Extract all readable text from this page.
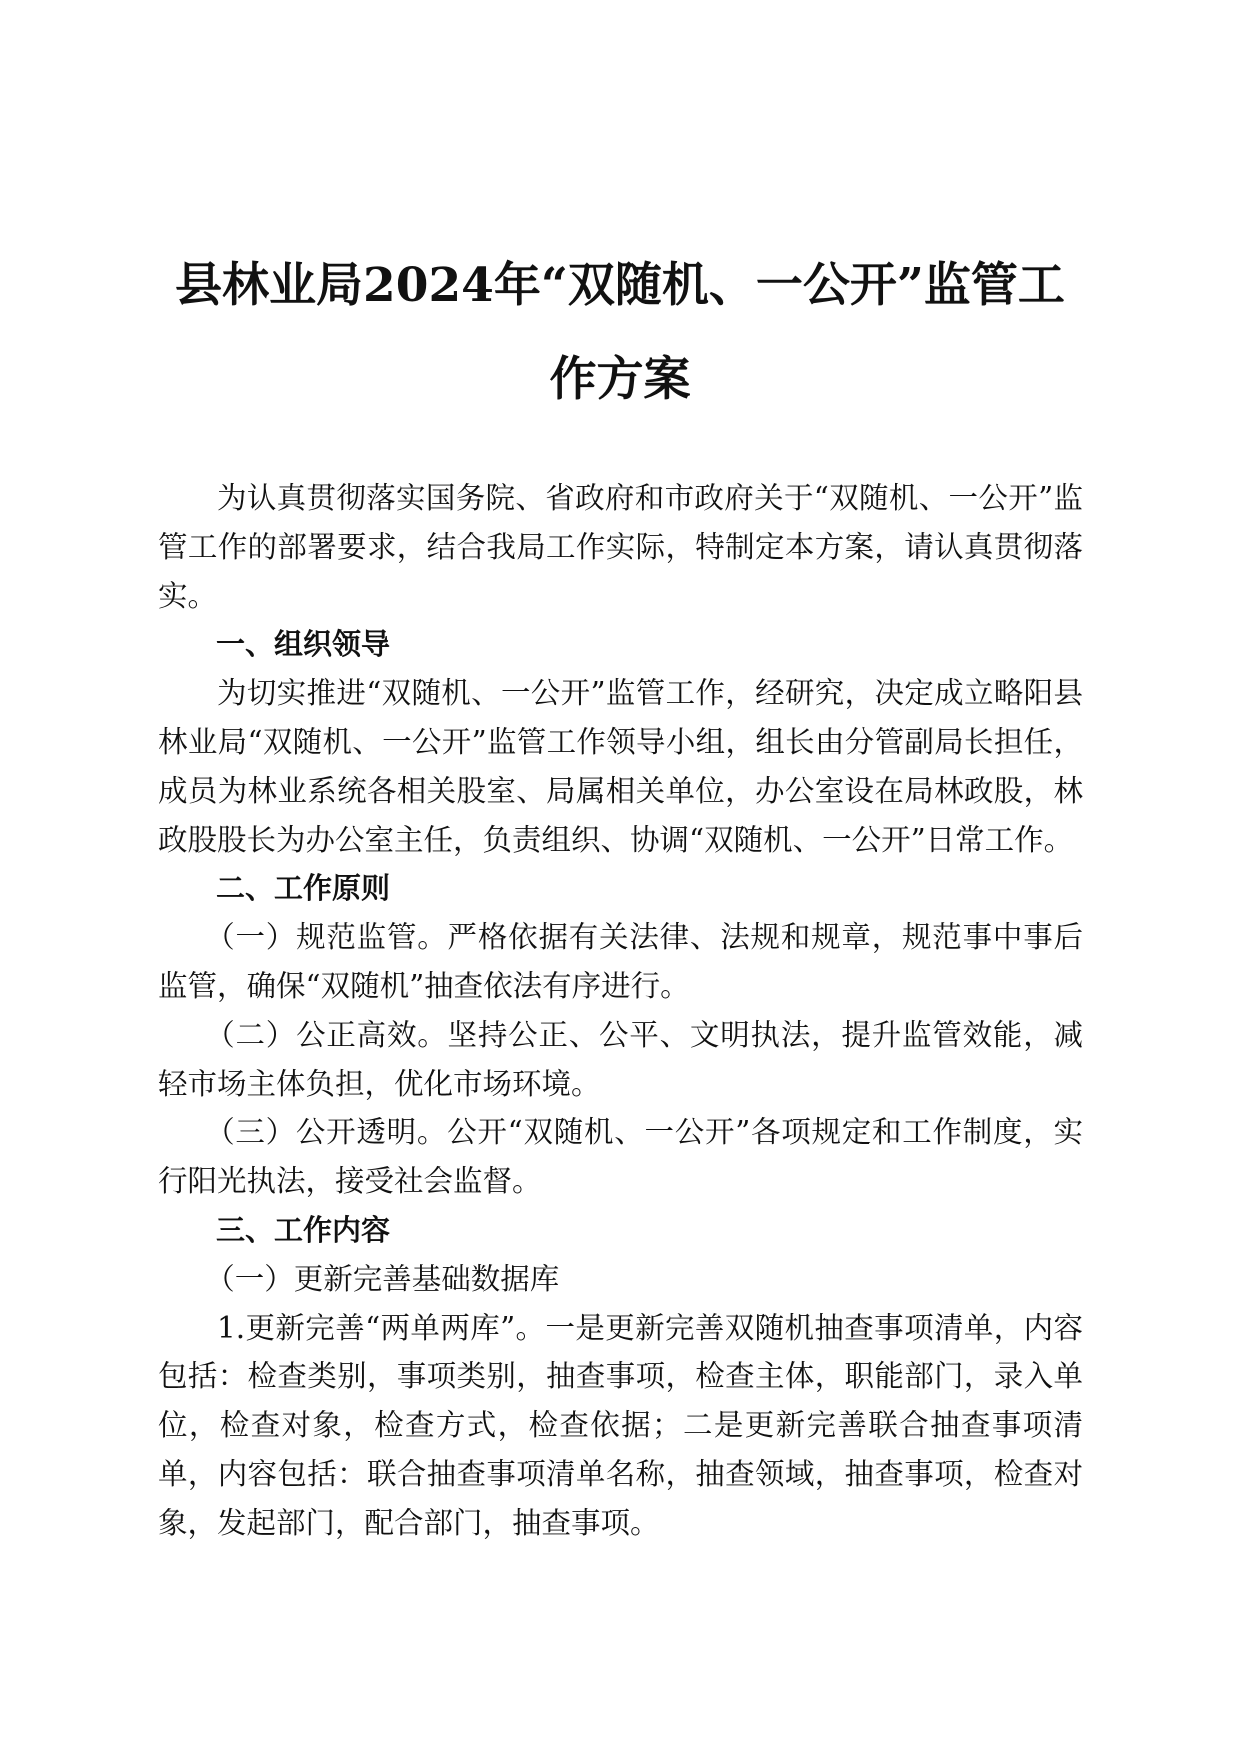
县林业局2024年“双随机、一公开”监管工
作方案

为认真贯彻落实国务院、省政府和市政府关于“双随机、一公开”监管工作的部署要求，结合我局工作实际，特制定本方案，请认真贯彻落实。

一、组织领导

为切实推进“双随机、一公开”监管工作，经研究，决定成立略阳县林业局“双随机、一公开”监管工作领导小组，组长由分管副局长担任，成员为林业系统各相关股室、局属相关单位，办公室设在局林政股，林政股股长为办公室主任，负责组织、协调“双随机、一公开”日常工作。

二、工作原则

（一）规范监管。严格依据有关法律、法规和规章，规范事中事后监管，确保“双随机”抽查依法有序进行。

（二）公正高效。坚持公正、公平、文明执法，提升监管效能，减轻市场主体负担，优化市场环境。

（三）公开透明。公开“双随机、一公开”各项规定和工作制度，实行阳光执法，接受社会监督。

三、工作内容

（一）更新完善基础数据库

1.更新完善“两单两库”。一是更新完善双随机抽查事项清单，内容包括：检查类别，事项类别，抽查事项，检查主体，职能部门，录入单位，检查对象，检查方式，检查依据；二是更新完善联合抽查事项清单，内容包括：联合抽查事项清单名称，抽查领域，抽查事项，检查对象，发起部门，配合部门，抽查事项。
